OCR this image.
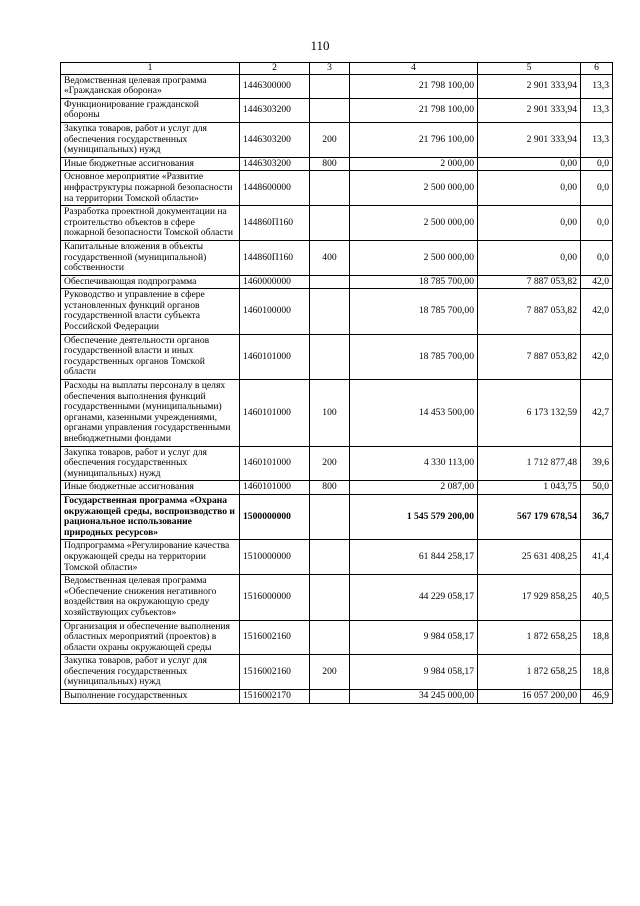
110
1	2	3	4	5	6
Ведомственная целевая программа «Гражданская оборона»	1446300000		21 798 100,00	2 901 333,94	13,3
Функционирование гражданской обороны	1446303200		21 798 100,00	2 901 333,94	13,3
Закупка товаров, работ и услуг для обеспечения государственных (муниципальных) нужд	1446303200	200	21 796 100,00	2 901 333,94	13,3
Иные бюджетные ассигнования	1446303200	800	2 000,00	0,00	0,0
Основное мероприятие «Развитие инфраструктуры пожарной безопасности на территории Томской области»	1448600000		2 500 000,00	0,00	0,0
Разработка проектной документации на строительство объектов в сфере пожарной безопасности Томской области	144860П160		2 500 000,00	0,00	0,0
Капитальные вложения в объекты государственной (муниципальной) собственности	144860П160	400	2 500 000,00	0,00	0,0
Обеспечивающая подпрограмма	1460000000		18 785 700,00	7 887 053,82	42,0
Руководство и управление в сфере установленных функций органов государственной власти субъекта Российской Федерации	1460100000		18 785 700,00	7 887 053,82	42,0
Обеспечение деятельности органов государственной власти и иных государственных органов Томской области	1460101000		18 785 700,00	7 887 053,82	42,0
Расходы на выплаты персоналу в целях обеспечения выполнения функций государственными (муниципальными) органами, казенными учреждениями, органами управления государственными внебюджетными фондами	1460101000	100	14 453 500,00	6 173 132,59	42,7
Закупка товаров, работ и услуг для обеспечения государственных (муниципальных) нужд	1460101000	200	4 330 113,00	1 712 877,48	39,6
Иные бюджетные ассигнования	1460101000	800	2 087,00	1 043,75	50,0
Государственная программа «Охрана окружающей среды, воспроизводство и рациональное использование природных ресурсов»	1500000000		1 545 579 200,00	567 179 678,54	36,7
Подпрограмма «Регулирование качества окружающей среды на территории Томской области»	1510000000		61 844 258,17	25 631 408,25	41,4
Ведомственная целевая программа «Обеспечение снижения негативного воздействия на окружающую среду хозяйствующих субъектов»	1516000000		44 229 058,17	17 929 858,25	40,5
Организация и обеспечение выполнения областных мероприятий (проектов) в области охраны окружающей среды	1516002160		9 984 058,17	1 872 658,25	18,8
Закупка товаров, работ и услуг для обеспечения государственных (муниципальных) нужд	1516002160	200	9 984 058,17	1 872 658,25	18,8
Выполнение государственных	1516002170		34 245 000,00	16 057 200,00	46,9
